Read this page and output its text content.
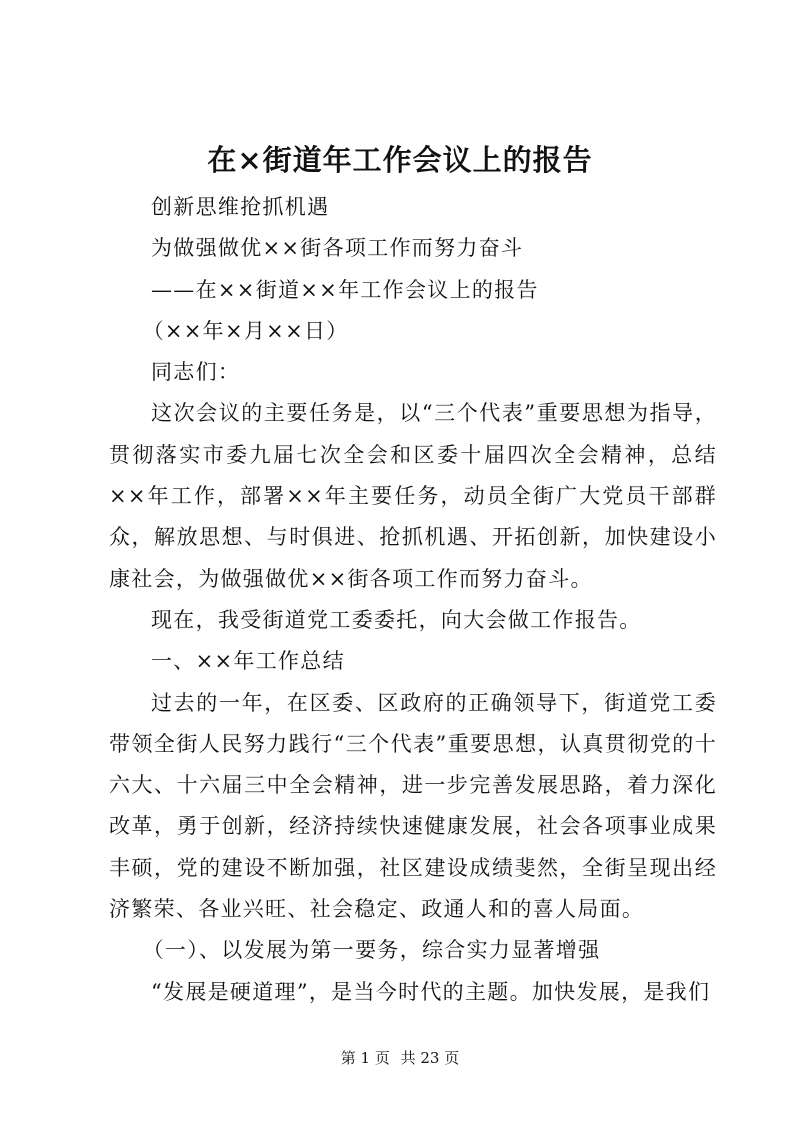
在×街道年工作会议上的报告

创新思维抢抓机遇

为做强做优××街各项工作而努力奋斗

——在××街道××年工作会议上的报告

（××年×月××日）

同志们：

这次会议的主要任务是，以“三个代表”重要思想为指导，贯彻落实市委九届七次全会和区委十届四次全会精神，总结××年工作，部署××年主要任务，动员全街广大党员干部群众，解放思想、与时俱进、抢抓机遇、开拓创新，加快建设小康社会，为做强做优××街各项工作而努力奋斗。

现在，我受街道党工委委托，向大会做工作报告。

一、××年工作总结

过去的一年，在区委、区政府的正确领导下，街道党工委带领全街人民努力践行“三个代表”重要思想，认真贯彻党的十六大、十六届三中全会精神，进一步完善发展思路，着力深化改革，勇于创新，经济持续快速健康发展，社会各项事业成果丰硕，党的建设不断加强，社区建设成绩斐然，全街呈现出经济繁荣、各业兴旺、社会稳定、政通人和的喜人局面。

（一）、以发展为第一要务，综合实力显著增强

“发展是硬道理”，是当今时代的主题。加快发展，是我们

第 1 页 共 23 页
